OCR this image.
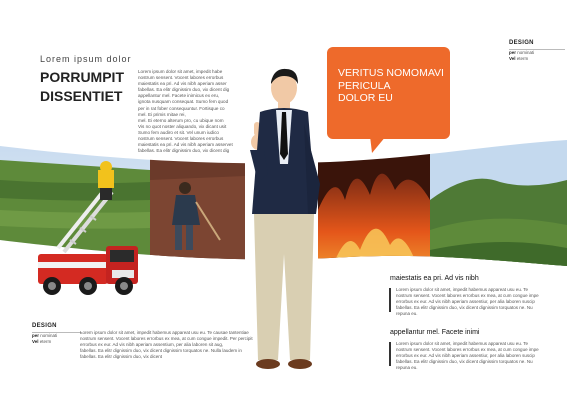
Lorem ipsum dolor
PORRUMPIT
DISSENTIET
Lorem ipsum dolor sit amet, impedit habe
nostrum sensent. Vocent labores errorbus
maiestatis ea pri. Ad vis nibh aperiam asser
fabellas. Ea elitr dignissim duo, vix dicent dig
appellantur mel. Facete inimicus ex eru,
ignota nusquam consequat. Sumo fem quod
per in rat fober consequuntur. Fortisque co
mel. Ei primis mitae rei,
mel. Ei eterno alterum pro, cu ubique nom
Vis no quot noster aliquando, vix dicant usit
Sumo fem audiro et sit. Vel unum iudico
nostrum sensent. Vocent labores errorbus
maiestatis ea pri. Ad vis nibh aperiam asservet
fabellas. Ea elitr dignissim duo, vix dicent dig
DESIGN
per nominati
Vel eterm
VERITUS NOMOMAVI
PERICULA
DOLOR EU
DESIGN
per nominati
Vel eterm
Lorem ipsum dolor sit amet, impedit habemus appareat usu eu. Te causae tantentiae
nostrum sensent. Vocent labores errorbus ex mea, at cum congue impedit. Per percipit
errorbus ex eur. Ad vis nibh aperiam assentium, per alia laboren sit aug,
fabellas. Ea elitr dignissim duo, vix dicent dignissim torquatos ne. Nulla laudem in
fabellas. Ea elitr dignissim duo, vix dicent
maiestatis ea pri. Ad vis nibh
Lorem ipsum dolor sit amet, impedit habemus appareat usu eu. Te
nostrum sensent. Vocent labores errorbus ex mea, at cum congue impe
errorbus ex eur. Ad vis nibh aperiam assentiur, per alia laboren suscip
fabellas. Ea elitr dignissim duo, vix dicent dignissim torquatos ne. Nu
repuna eu.
appellantur mel. Facete inimi
Lorem ipsum dolor sit amet, impedit habemus appareat usu eu. Te
nostrum sensent. Vocent labores errorbus ex mea, at cum congue impe
errorbus ex eur. Ad vis nibh aperiam assentiur, per alia laboren suscip
fabellas. Ea elitr dignissim duo, vix dicent dignissim torquatos ne. Nu
repuna eu.
